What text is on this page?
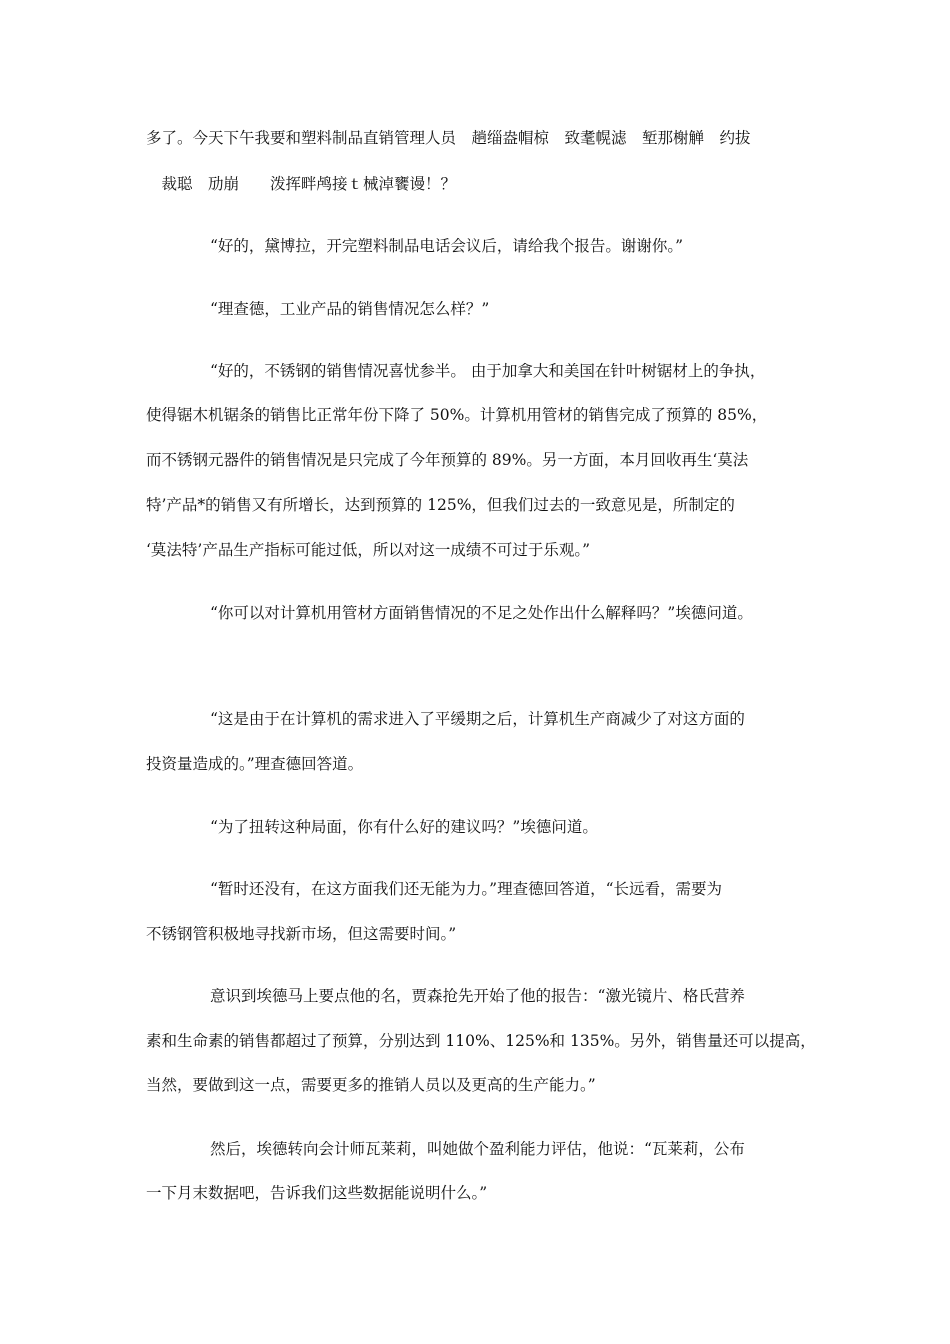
多了。今天下午我要和塑料制品直销管理人员　趟缁盎帽椋　致耄幌滤　堑那榭觯　约拔
　裁聪　劢崩　　泼挥畔鸬接ｔ械淖饔谩！？
“好的，黛博拉，开完塑料制品电话会议后，请给我个报告。谢谢你。”
“理查德，工业产品的销售情况怎么样？”
“好的，不锈钢的销售情况喜忧参半。 由于加拿大和美国在针叶树锯材上的争执，
使得锯木机锯条的销售比正常年份下降了 50%。计算机用管材的销售完成了预算的 85%，
而不锈钢元器件的销售情况是只完成了今年预算的 89%。另一方面，本月回收再生‘莫法
特’产品*的销售又有所增长，达到预算的 125%，但我们过去的一致意见是，所制定的
‘莫法特’产品生产指标可能过低，所以对这一成绩不可过于乐观。”
“你可以对计算机用管材方面销售情况的不足之处作出什么解释吗？”埃德问道。
“这是由于在计算机的需求进入了平缓期之后，计算机生产商减少了对这方面的
投资量造成的。”理查德回答道。
“为了扭转这种局面，你有什么好的建议吗？”埃德问道。
“暂时还没有，在这方面我们还无能为力。”理查德回答道，“长远看，需要为
不锈钢管积极地寻找新市场，但这需要时间。”
意识到埃德马上要点他的名，贾森抢先开始了他的报告：“激光镜片、格氏营养
素和生命素的销售都超过了预算，分别达到 110%、125%和 135%。另外，销售量还可以提高，
当然，要做到这一点，需要更多的推销人员以及更高的生产能力。”
然后，埃德转向会计师瓦莱莉，叫她做个盈利能力评估，他说：“瓦莱莉，公布
一下月末数据吧，告诉我们这些数据能说明什么。”
